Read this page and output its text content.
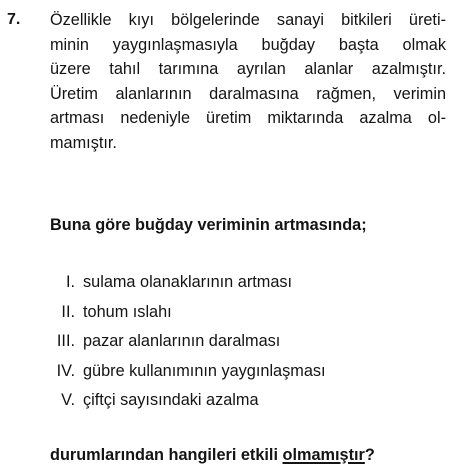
7. Özellikle kıyı bölgelerinde sanayi bitkileri üreti-
minin yaygınlaşmasıyla buğday başta olmak
üzere tahıl tarımına ayrılan alanlar azalmıştır.
Üretim alanlarının daralmasına rağmen, verimin
artması nedeniyle üretim miktarında azalma ol-
mamıştır.
Buna göre buğday veriminin artmasında;
I. sulama olanaklarının artması
II. tohum ıslahı
III. pazar alanlarının daralması
IV. gübre kullanımının yaygınlaşması
V. çiftçi sayısındaki azalma
durumlarından hangileri etkili olmamıştır?
